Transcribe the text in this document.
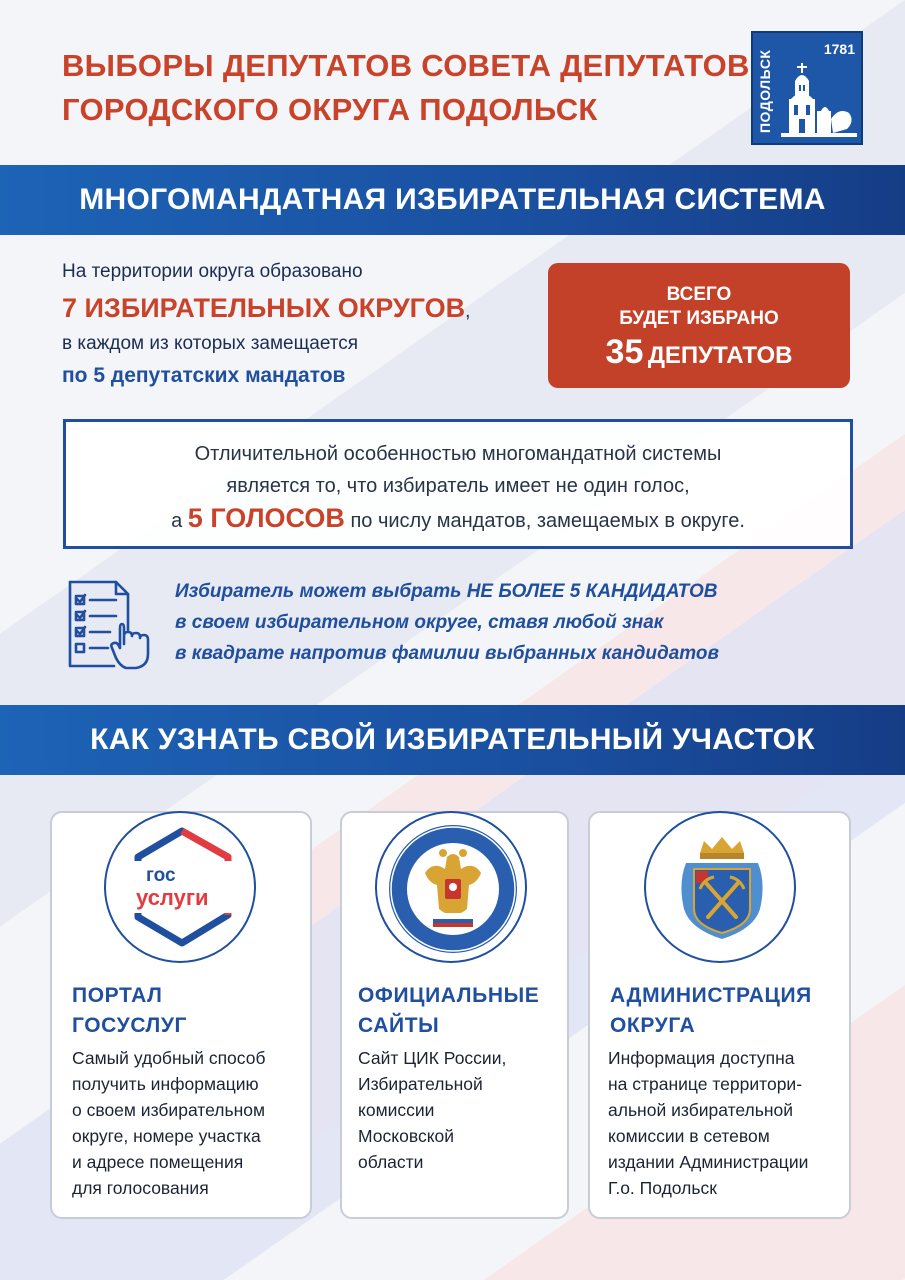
ВЫБОРЫ ДЕПУТАТОВ СОВЕТА ДЕПУТАТОВ
ГОРОДСКОГО ОКРУГА ПОДОЛЬСК	ПОДОЛЬСК
1781
МНОГОМАНДАТНАЯ ИЗБИРАТЕЛЬНАЯ СИСТЕМА
На территории округа образовано
7 ИЗБИРАТЕЛЬНЫХ ОКРУГОВ,
в каждом из которых замещается
по 5 депутатских мандатов
ВСЕГО
БУДЕТ ИЗБРАНО
35 ДЕПУТАТОВ
Отличительной особенностью многомандатной системы
является то, что избиратель имеет не один голос,
а 5 ГОЛОСОВ по числу мандатов, замещаемых в округе.
Избиратель может выбрать НЕ БОЛЕЕ 5 КАНДИДАТОВ
в своем избирательном округе, ставя любой знак
в квадрате напротив фамилии выбранных кандидатов
КАК УЗНАТЬ СВОЙ ИЗБИРАТЕЛЬНЫЙ УЧАСТОК
гос
услуги
ПОРТАЛ
ГОСУСЛУГ
Самый удобный способ
получить информацию
о своем избирательном
округе, номере участка
и адресе помещения
для голосования
ОФИЦИАЛЬНЫЕ
САЙТЫ
Сайт ЦИК России,
Избирательной
комиссии
Московской
области
АДМИНИСТРАЦИЯ
ОКРУГА
Информация доступна
на странице территори-
альной избирательной
комиссии в сетевом
издании Администрации
Г.о. Подольск
